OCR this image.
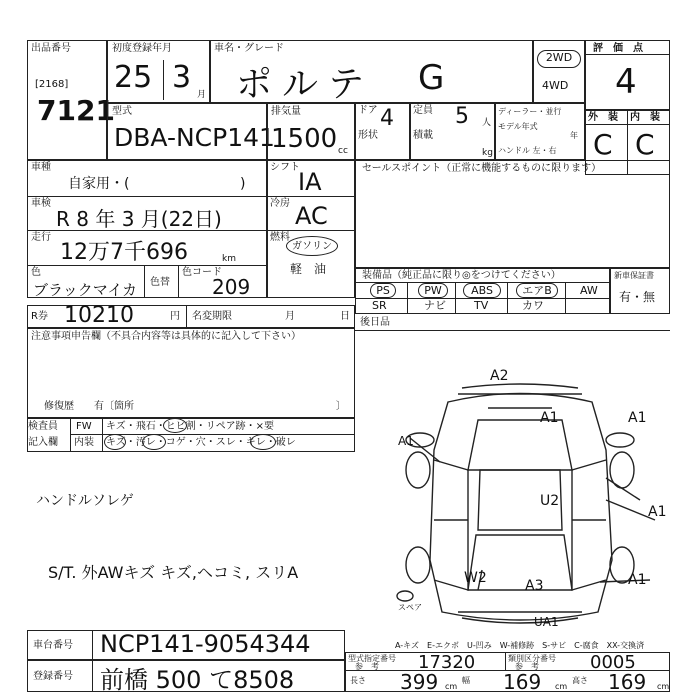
出品番号
[2168]
7121
初度登録年月
25 3 月
車名・グレード
ポルテ G
2WD
4WD
評　価　点
4
型式
DBA-NCP141
排気量
1500 cc
ドア 4
形状
定員 5 人
積載
kg
ディーラー・並行
モデル年式
年
ハンドル 左・右
外　装 内　装
C C
車種
自家用・(	)
シフト
IA
車検
R 8 年 3 月(22日)
冷房 AC
走行
12万7千696	km
燃料
ガソリン
軽　油
色
ブラックマイカ 色替
色コード
209
R券 10210	円 名変期限	月	日
セールスポイント（正常に機能するものに限ります）
装備品（純正品に限り◎をつけてください）	新車保証書
有・無
PS	PW	ABS	エアB	AW
SR	ナビ	TV	カワ
後日品
注意事項申告欄（不具合内容等は具体的に記入して下さい）
修復歴　　有〔箇所	〕
検査員
記入欄
FW キズ・飛石・ヒビ割・リペア跡・×要
内装 キズ・汚レ・コゲ・穴・スレ・キレ・破レ
ハンドルソレゲ
S/T. 外AWキズ キズ,ヘコミ, スリA
A2
A1	A1
U2
A1
W2	A3
UA1
A1
A1
スペア
車台番号 NCP141-9054344
登録番号 前橋 500 て8508
A-キズ　E-エクボ　U-凹み　W-補修跡　S-サビ　C-腐食　XX-交換済
型式指定番号
参　考 17320	類別区分番号
参　考	0005
長さ 399 cm
幅 169 cm
高さ 169 cm
